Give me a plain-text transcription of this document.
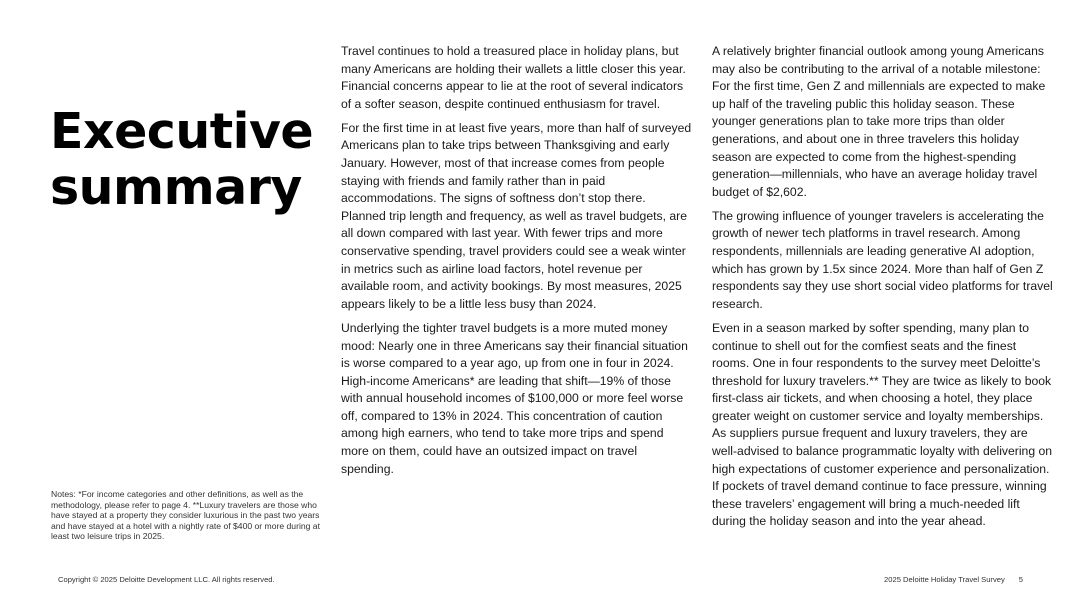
Executive
summary

Travel continues to hold a treasured place in holiday plans, but many Americans are holding their wallets a little closer this year. Financial concerns appear to lie at the root of several indicators of a softer season, despite continued enthusiasm for travel.

For the first time in at least five years, more than half of surveyed Americans plan to take trips between Thanksgiving and early January. However, most of that increase comes from people staying with friends and family rather than in paid accommodations. The signs of softness don’t stop there. Planned trip length and frequency, as well as travel budgets, are all down compared with last year. With fewer trips and more conservative spending, travel providers could see a weak winter in metrics such as airline load factors, hotel revenue per available room, and activity bookings. By most measures, 2025 appears likely to be a little less busy than 2024.

Underlying the tighter travel budgets is a more muted money mood: Nearly one in three Americans say their financial situation is worse compared to a year ago, up from one in four in 2024. High-income Americans* are leading that shift—19% of those with annual household incomes of $100,000 or more feel worse off, compared to 13% in 2024. This concentration of caution among high earners, who tend to take more trips and spend more on them, could have an outsized impact on travel spending.

A relatively brighter financial outlook among young Americans may also be contributing to the arrival of a notable milestone: For the first time, Gen Z and millennials are expected to make up half of the traveling public this holiday season. These younger generations plan to take more trips than older generations, and about one in three travelers this holiday season are expected to come from the highest-spending generation—millennials, who have an average holiday travel budget of $2,602.

The growing influence of younger travelers is accelerating the growth of newer tech platforms in travel research. Among respondents, millennials are leading generative AI adoption, which has grown by 1.5x since 2024. More than half of Gen Z respondents say they use short social video platforms for travel research.

Even in a season marked by softer spending, many plan to continue to shell out for the comfiest seats and the finest rooms. One in four respondents to the survey meet Deloitte’s threshold for luxury travelers.** They are twice as likely to book first-class air tickets, and when choosing a hotel, they place greater weight on customer service and loyalty memberships. As suppliers pursue frequent and luxury travelers, they are well-advised to balance programmatic loyalty with delivering on high expectations of customer experience and personalization. If pockets of travel demand continue to face pressure, winning these travelers’ engagement will bring a much-needed lift during the holiday season and into the year ahead.

Notes: *For income categories and other definitions, as well as the methodology, please refer to page 4. **Luxury travelers are those who have stayed at a property they consider luxurious in the past two years and have stayed at a hotel with a nightly rate of $400 or more during at least two leisure trips in 2025.
Copyright © 2025 Deloitte Development LLC. All rights reserved.	2025 Deloitte Holiday Travel Survey 5
